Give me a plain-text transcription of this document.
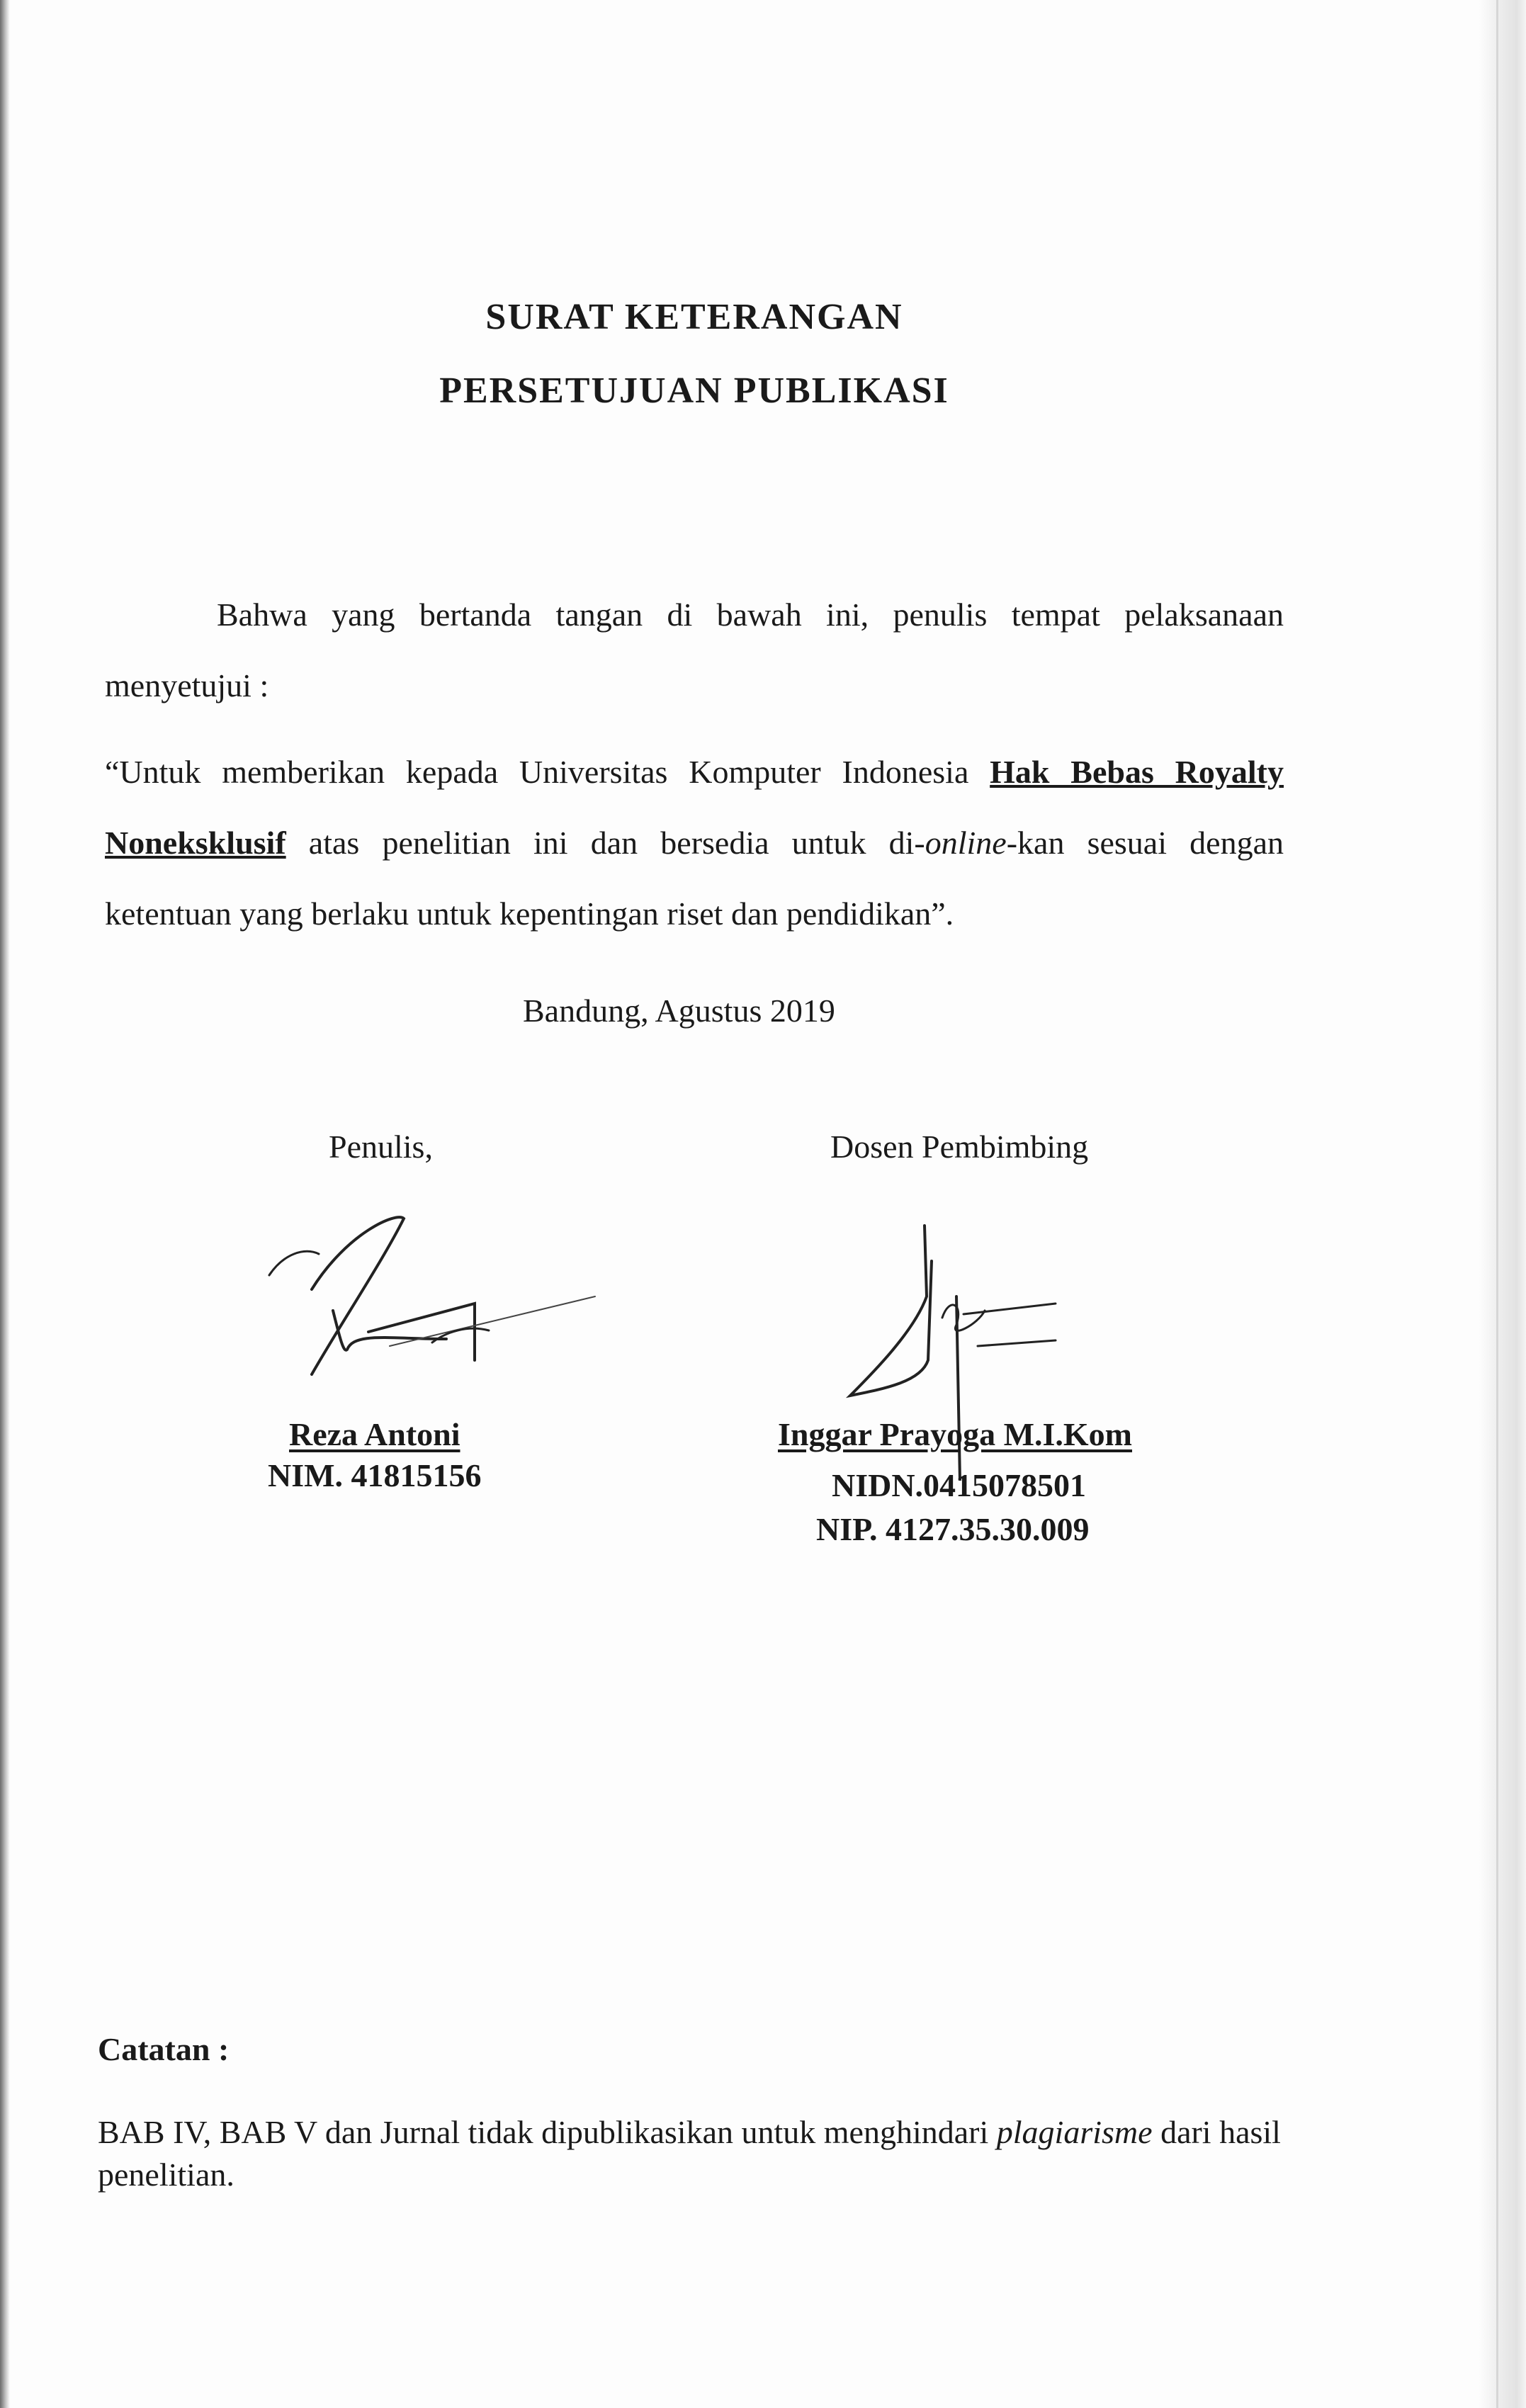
SURAT KETERANGAN
PERSETUJUAN PUBLIKASI
Bahwa yang bertanda tangan di bawah ini, penulis tempat pelaksanaan menyetujui :
“Untuk memberikan kepada Universitas Komputer Indonesia Hak Bebas Royalty Noneksklusif atas penelitian ini dan bersedia untuk di-online-kan sesuai dengan ketentuan yang berlaku untuk kepentingan riset dan pendidikan”.
Bandung, Agustus 2019
Penulis,	Dosen Pembimbing
Reza Antoni
NIM. 41815156
Inggar Prayoga M.I.Kom
NIDN.0415078501
NIP. 4127.35.30.009
Catatan :
BAB IV, BAB V dan Jurnal tidak dipublikasikan untuk menghindari plagiarisme dari hasil penelitian.
